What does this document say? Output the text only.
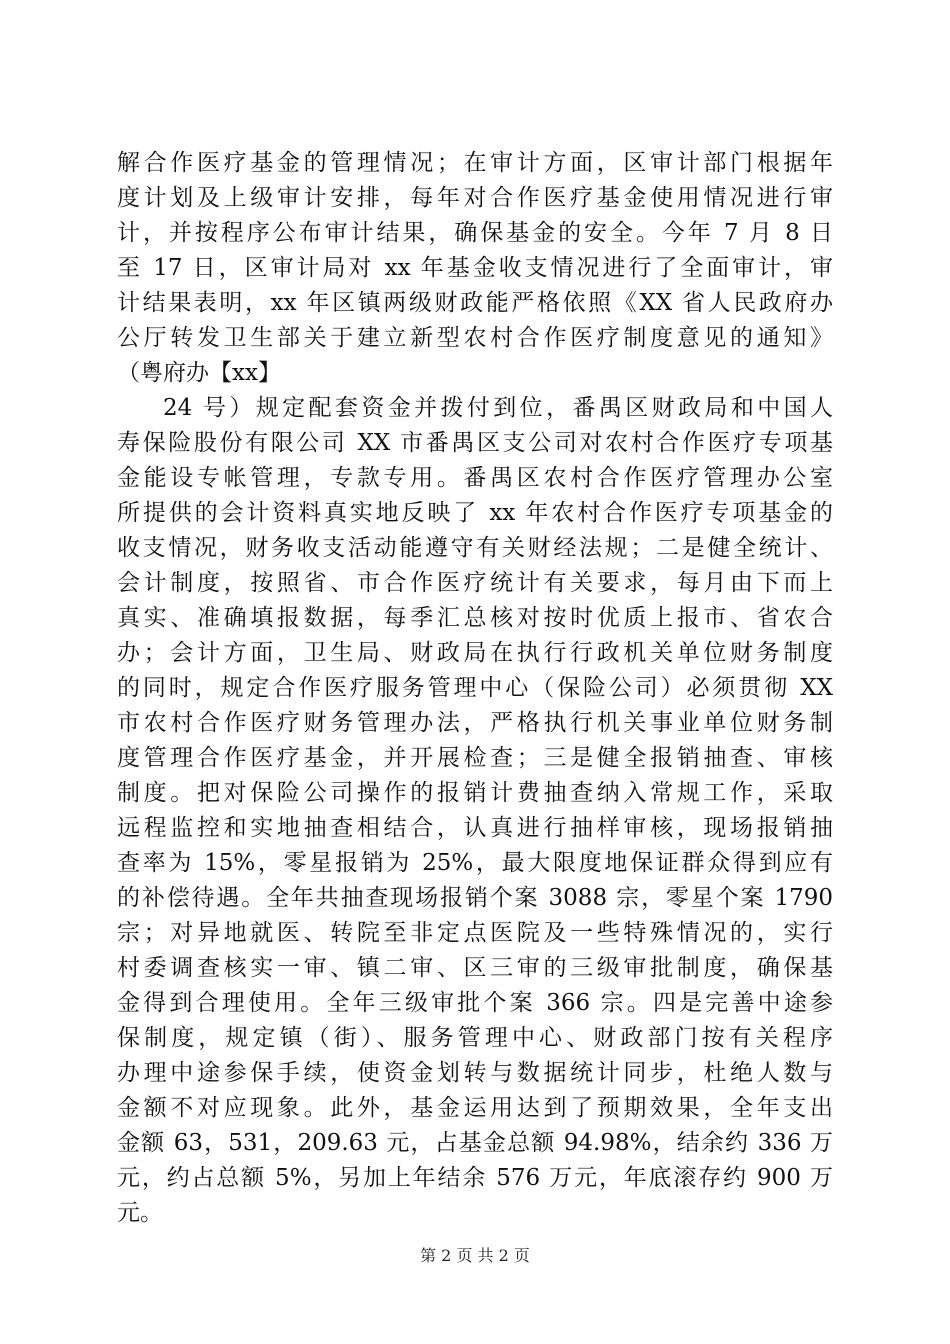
解合作医疗基金的管理情况；在审计方面，区审计部门根据年
度计划及上级审计安排，每年对合作医疗基金使用情况进行审
计，并按程序公布审计结果，确保基金的安全。今年 7 月 8 日
至 17 日，区审计局对 xx 年基金收支情况进行了全面审计，审
计结果表明，xx 年区镇两级财政能严格依照《XX 省人民政府办
公厅转发卫生部关于建立新型农村合作医疗制度意见的通知》
（粤府办【xx】
24 号）规定配套资金并拨付到位，番禺区财政局和中国人
寿保险股份有限公司 XX 市番禺区支公司对农村合作医疗专项基
金能设专帐管理，专款专用。番禺区农村合作医疗管理办公室
所提供的会计资料真实地反映了 xx 年农村合作医疗专项基金的
收支情况，财务收支活动能遵守有关财经法规；二是健全统计、
会计制度，按照省、市合作医疗统计有关要求，每月由下而上
真实、准确填报数据，每季汇总核对按时优质上报市、省农合
办；会计方面，卫生局、财政局在执行行政机关单位财务制度
的同时，规定合作医疗服务管理中心（保险公司）必须贯彻 XX
市农村合作医疗财务管理办法，严格执行机关事业单位财务制
度管理合作医疗基金，并开展检查；三是健全报销抽查、审核
制度。把对保险公司操作的报销计费抽查纳入常规工作，采取
远程监控和实地抽查相结合，认真进行抽样审核，现场报销抽
查率为 15%，零星报销为 25%，最大限度地保证群众得到应有
的补偿待遇。全年共抽查现场报销个案 3088 宗，零星个案 1790
宗；对异地就医、转院至非定点医院及一些特殊情况的，实行
村委调查核实一审、镇二审、区三审的三级审批制度，确保基
金得到合理使用。全年三级审批个案 366 宗。四是完善中途参
保制度，规定镇（街）、服务管理中心、财政部门按有关程序
办理中途参保手续，使资金划转与数据统计同步，杜绝人数与
金额不对应现象。此外，基金运用达到了预期效果，全年支出
金额 63，531，209.63 元，占基金总额 94.98%，结余约 336 万
元，约占总额 5%，另加上年结余 576 万元，年底滚存约 900 万
元。
第 2 页 共 2 页
